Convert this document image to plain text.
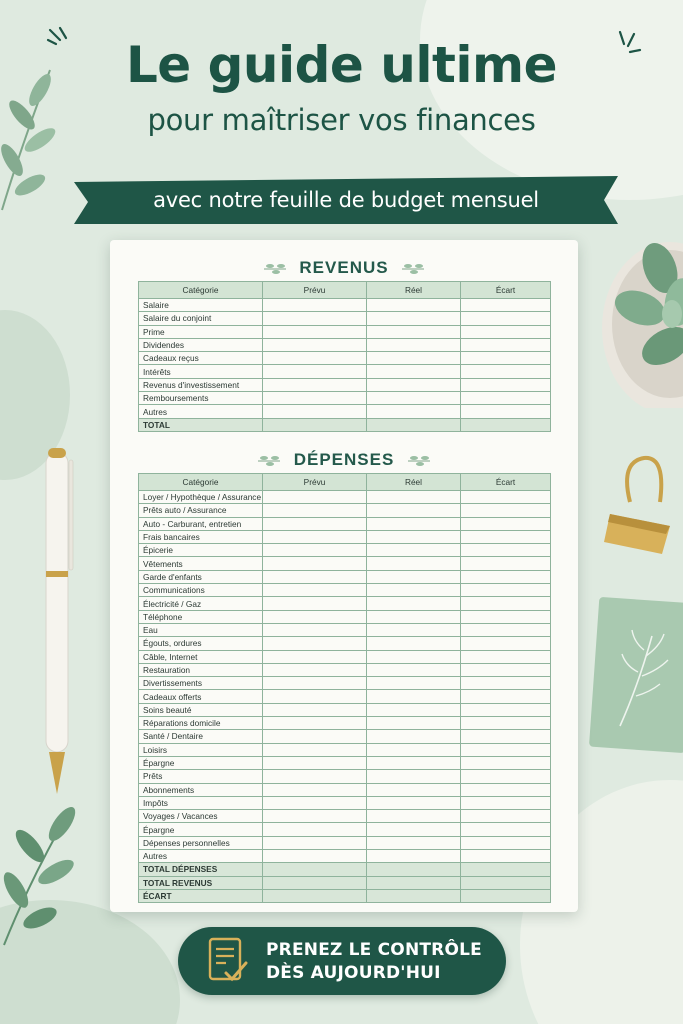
Le guide ultime
pour maîtriser vos finances
avec notre feuille de budget mensuel
REVENUS
Catégorie	Prévu	Réel	Écart
Salaire			
Salaire du conjoint			
Prime			
Dividendes			
Cadeaux reçus			
Intérêts			
Revenus d'investissement			
Remboursements			
Autres			
TOTAL			
DÉPENSES
Catégorie	Prévu	Réel	Écart
Loyer / Hypothèque / Assurance			
Prêts auto / Assurance			
Auto - Carburant, entretien			
Frais bancaires			
Épicerie			
Vêtements			
Garde d'enfants			
Communications			
Électricité / Gaz			
Téléphone			
Eau			
Égouts, ordures			
Câble, Internet			
Restauration			
Divertissements			
Cadeaux offerts			
Soins beauté			
Réparations domicile			
Santé / Dentaire			
Loisirs			
Épargne			
Prêts			
Abonnements			
Impôts			
Voyages / Vacances			
Épargne			
Dépenses personnelles			
Autres			
TOTAL DÉPENSES			
TOTAL REVENUS			
ÉCART			
PRENEZ LE CONTRÔLE
DÈS AUJOURD'HUI
